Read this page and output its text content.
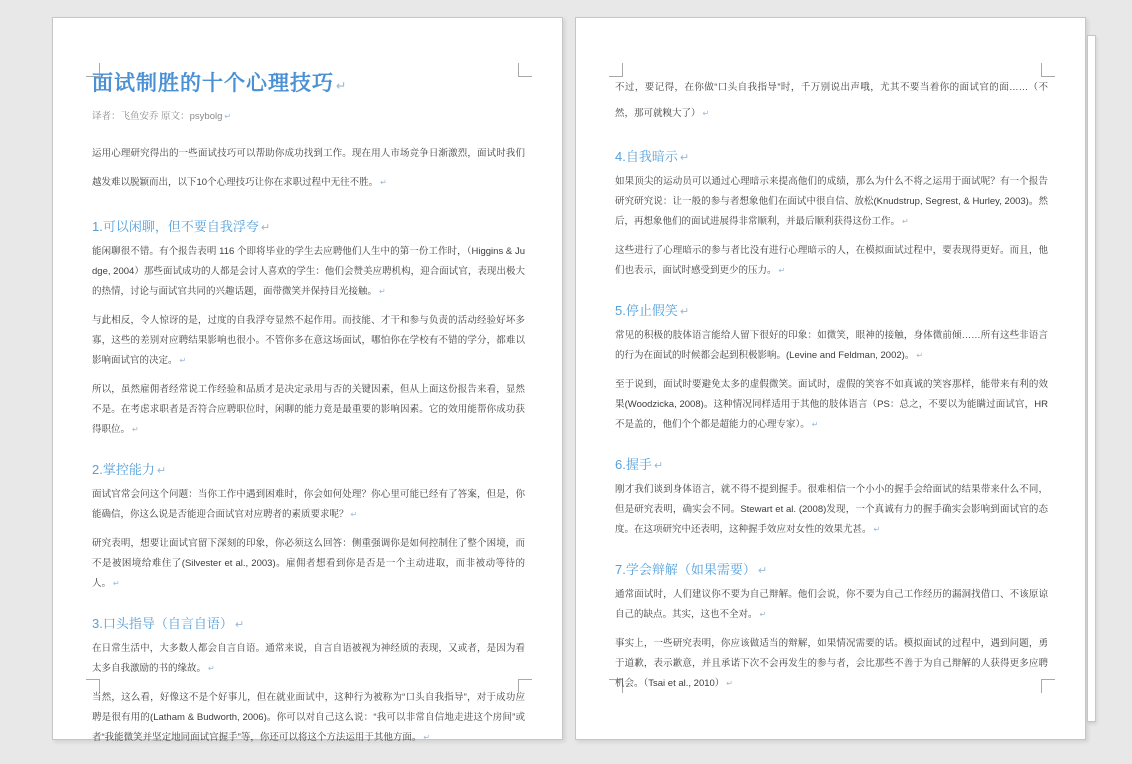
面试制胜的十个心理技巧 ↵
译者：飞鱼安乔 原文：psybolg ↵
运用心理研究得出的一些面试技巧可以帮助你成功找到工作。现在用人市场竞争日渐激烈，面试时我们越发难以脱颖而出，以下10个心理技巧让你在求职过程中无往不胜。 ↵
1.可以闲聊，但不要自我浮夸 ↵
能闲聊很不错。有个报告表明 116 个即将毕业的学生去应聘他们人生中的第一份工作时，（Higgins & Judge, 2004）那些面试成功的人都是会讨人喜欢的学生：他们会赞美应聘机构，迎合面试官，表现出极大的热情，讨论与面试官共同的兴趣话题，面带微笑并保持目光接触。 ↵
与此相反，令人惊讶的是，过度的自我浮夸显然不起作用。而技能、才干和参与负责的活动经验好坏多寡，这些的差别对应聘结果影响也很小。不管你多在意这场面试，哪怕你在学校有不错的学分，都难以影响面试官的决定。 ↵
所以，虽然雇佣者经常说工作经验和品质才是决定录用与否的关键因素，但从上面这份报告来看，显然不是。在考虑求职者是否符合应聘职位时，闲聊的能力竟是最重要的影响因素。它的效用能帮你成功获得职位。 ↵
2.掌控能力 ↵
面试官常会问这个问题：当你工作中遇到困难时，你会如何处理？你心里可能已经有了答案，但是，你能确信，你这么说是否能迎合面试官对应聘者的素质要求呢？ ↵
研究表明，想要让面试官留下深刻的印象，你必须这么回答：侧重强调你是如何控制住了整个困境，而不是被困境给难住了(Silvester et al., 2003)。雇佣者想看到你是否是一个主动进取，而非被动等待的人。 ↵
3.口头指导（自言自语） ↵
在日常生活中，大多数人都会自言自语。通常来说，自言自语被视为神经质的表现，又或者，是因为看太多自我激励的书的缘故。 ↵
当然，这么看，好像这不是个好事儿，但在就业面试中，这种行为被称为“口头自我指导”，对于成功应聘是很有用的(Latham & Budworth, 2006)。你可以对自己这么说：“我可以非常自信地走进这个房间”或者“我能微笑并坚定地同面试官握手”等，你还可以将这个方法运用于其他方面。 ↵
不过，要记得，在你做“口头自我指导”时，千万别说出声哦，尤其不要当着你的面试官的面……（不然，那可就糗大了） ↵
4.自我暗示 ↵
如果顶尖的运动员可以通过心理暗示来提高他们的成绩，那么为什么不将之运用于面试呢？有一个报告研究研究说：让一般的参与者想象他们在面试中很自信、放松(Knudstrup, Segrest, & Hurley, 2003)。然后，再想象他们的面试进展得非常顺利，并最后顺利获得这份工作。 ↵
这些进行了心理暗示的参与者比没有进行心理暗示的人，在模拟面试过程中，要表现得更好。而且，他们也表示，面试时感受到更少的压力。 ↵
5.停止假笑 ↵
常见的积极的肢体语言能给人留下很好的印象：如微笑，眼神的接触，身体微前倾……所有这些非语言的行为在面试的时候都会起到积极影响。(Levine and Feldman, 2002)。 ↵
至于说到，面试时要避免太多的虚假微笑。面试时，虚假的笑容不如真诚的笑容那样，能带来有利的效果(Woodzicka, 2008)。这种情况同样适用于其他的肢体语言（PS：总之，不要以为能瞒过面试官，HR 不是盖的，他们个个都是超能力的心理专家）。 ↵
6.握手 ↵
刚才我们谈到身体语言，就不得不提到握手。很难相信一个小小的握手会给面试的结果带来什么不同，但是研究表明，确实会不同。Stewart et al. (2008)发现，一个真诚有力的握手确实会影响到面试官的态度。在这项研究中还表明，这种握手效应对女性的效果尤甚。 ↵
7.学会辩解（如果需要） ↵
通常面试时，人们建议你不要为自己辩解。他们会说，你不要为自己工作经历的漏洞找借口、不该原谅自己的缺点。其实，这也不全对。 ↵
事实上，一些研究表明，你应该做适当的辩解，如果情况需要的话。模拟面试的过程中，遇到问题，勇于道歉，表示歉意，并且承诺下次不会再发生的参与者，会比那些不善于为自己辩解的人获得更多应聘机会。（Tsai et al., 2010） ↵
